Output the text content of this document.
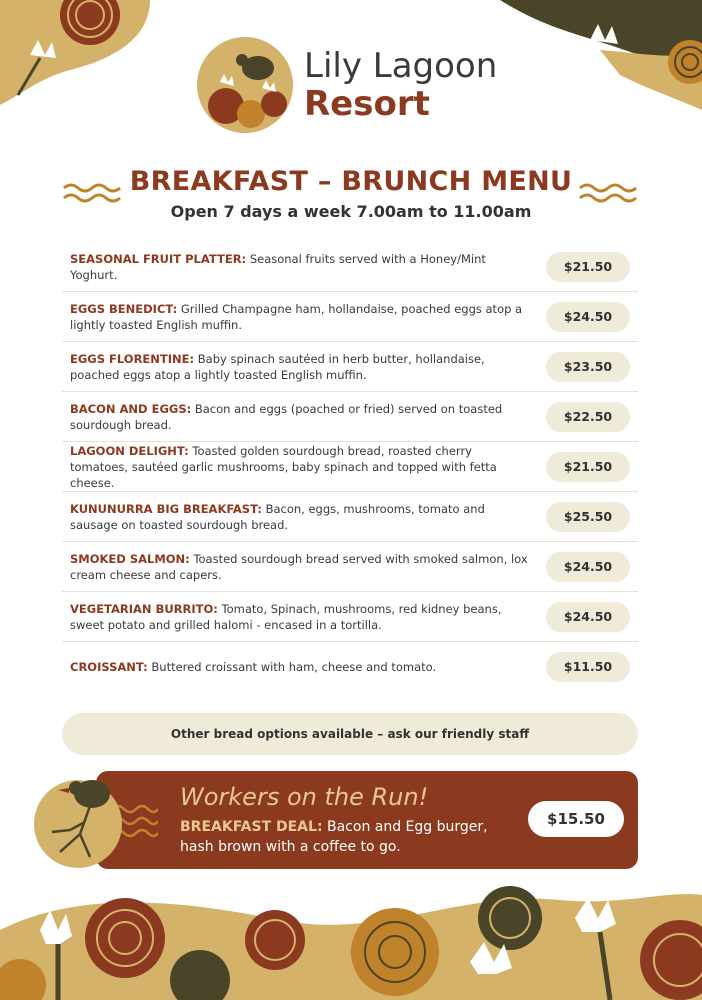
Lily Lagoon
Resort
BREAKFAST – BRUNCH MENU
Open 7 days a week 7.00am to 11.00am
SEASONAL FRUIT PLATTER: Seasonal fruits served with a Honey/Mint Yoghurt.
$21.50
EGGS BENEDICT: Grilled Champagne ham, hollandaise, poached eggs atop a lightly toasted English muffin.
$24.50
EGGS FLORENTINE: Baby spinach sautéed in herb butter, hollandaise, poached eggs atop a lightly toasted English muffin.
$23.50
BACON AND EGGS: Bacon and eggs (poached or fried) served on toasted sourdough bread.
$22.50
LAGOON DELIGHT: Toasted golden sourdough bread, roasted cherry tomatoes, sautéed garlic mushrooms, baby spinach and topped with fetta cheese.
$21.50
KUNUNURRA BIG BREAKFAST: Bacon, eggs, mushrooms, tomato and sausage on toasted sourdough bread.
$25.50
SMOKED SALMON: Toasted sourdough bread served with smoked salmon, lox cream cheese and capers.
$24.50
VEGETARIAN BURRITO: Tomato, Spinach, mushrooms, red kidney beans, sweet potato and grilled halomi - encased in a tortilla.
$24.50
CROISSANT: Buttered croissant with ham, cheese and tomato.	$11.50
Other bread options available – ask our friendly staff
Workers on the Run!
BREAKFAST DEAL: Bacon and Egg burger, hash brown with a coffee to go.
$15.50
